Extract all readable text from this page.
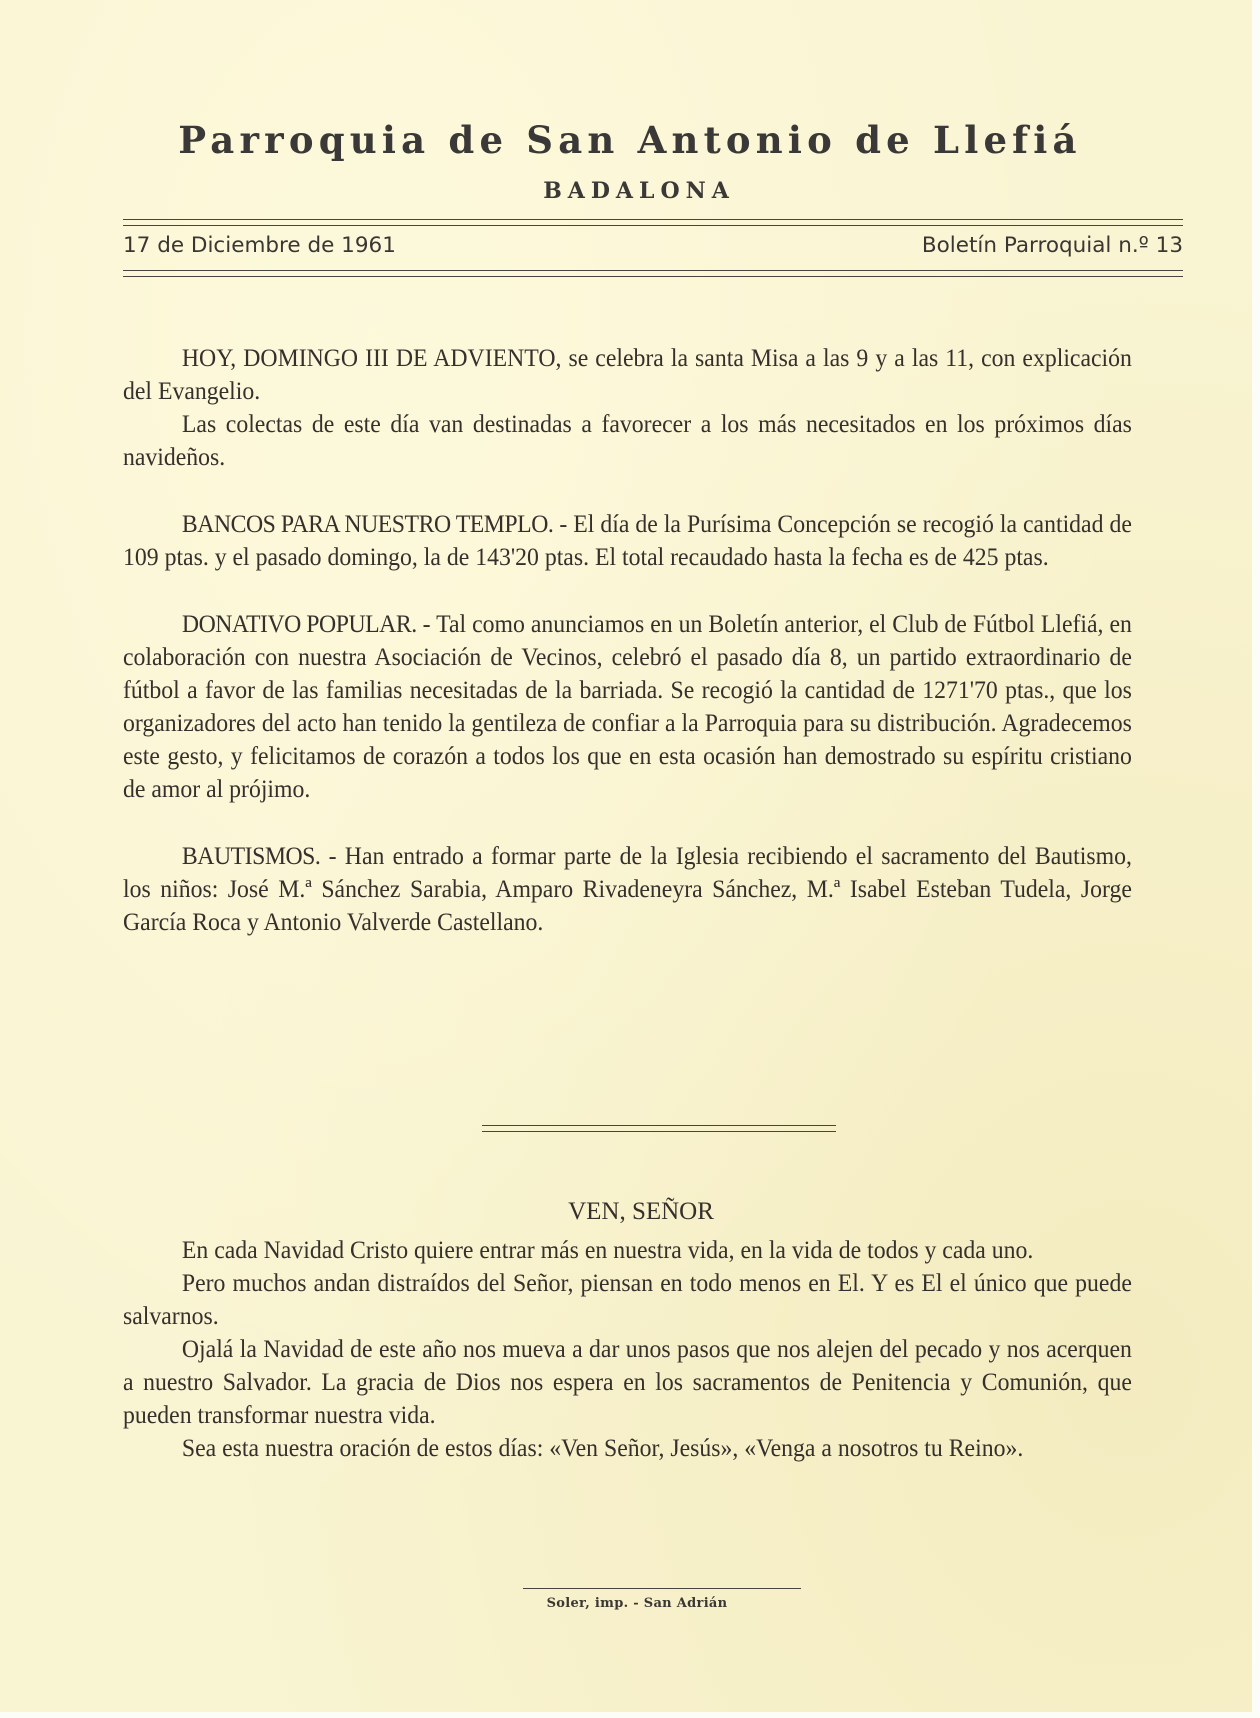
Parroquia de San Antonio de Llefiá
BADALONA
17 de Diciembre de 1961	Boletín Parroquial n.º 13

HOY, DOMINGO III DE ADVIENTO, se celebra la santa Misa a las 9 y a las 11, con explicación del Evangelio.

Las colectas de este día van destinadas a favorecer a los más necesitados en los próximos días navideños.

BANCOS PARA NUESTRO TEMPLO. - El día de la Purísima Concepción se recogió la cantidad de 109 ptas. y el pasado domingo, la de 143'20 ptas. El total recaudado hasta la fecha es de 425 ptas.

DONATIVO POPULAR. - Tal como anunciamos en un Boletín anterior, el Club de Fútbol Llefiá, en colaboración con nuestra Asociación de Vecinos, celebró el pasado día 8, un partido extraordinario de fútbol a favor de las familias necesitadas de la barriada. Se recogió la cantidad de 1271'70 ptas., que los organizadores del acto han tenido la gentileza de confiar a la Parroquia para su distribución. Agradecemos este gesto, y felicitamos de corazón a todos los que en esta ocasión han demostrado su espíritu cristiano de amor al prójimo.

BAUTISMOS. - Han entrado a formar parte de la Iglesia recibiendo el sacramento del Bautismo, los niños: José M.ª Sánchez Sarabia, Amparo Rivadeneyra Sánchez, M.ª Isabel Esteban Tudela, Jorge García Roca y Antonio Valverde Castellano.

VEN, SEÑOR

En cada Navidad Cristo quiere entrar más en nuestra vida, en la vida de todos y cada uno.

Pero muchos andan distraídos del Señor, piensan en todo menos en El. Y es El el único que puede salvarnos.

Ojalá la Navidad de este año nos mueva a dar unos pasos que nos alejen del pecado y nos acerquen a nuestro Salvador. La gracia de Dios nos espera en los sacramentos de Penitencia y Comunión, que pueden transformar nuestra vida.

Sea esta nuestra oración de estos días: «Ven Señor, Jesús», «Venga a nosotros tu Reino».

Soler, imp. - San Adrián
